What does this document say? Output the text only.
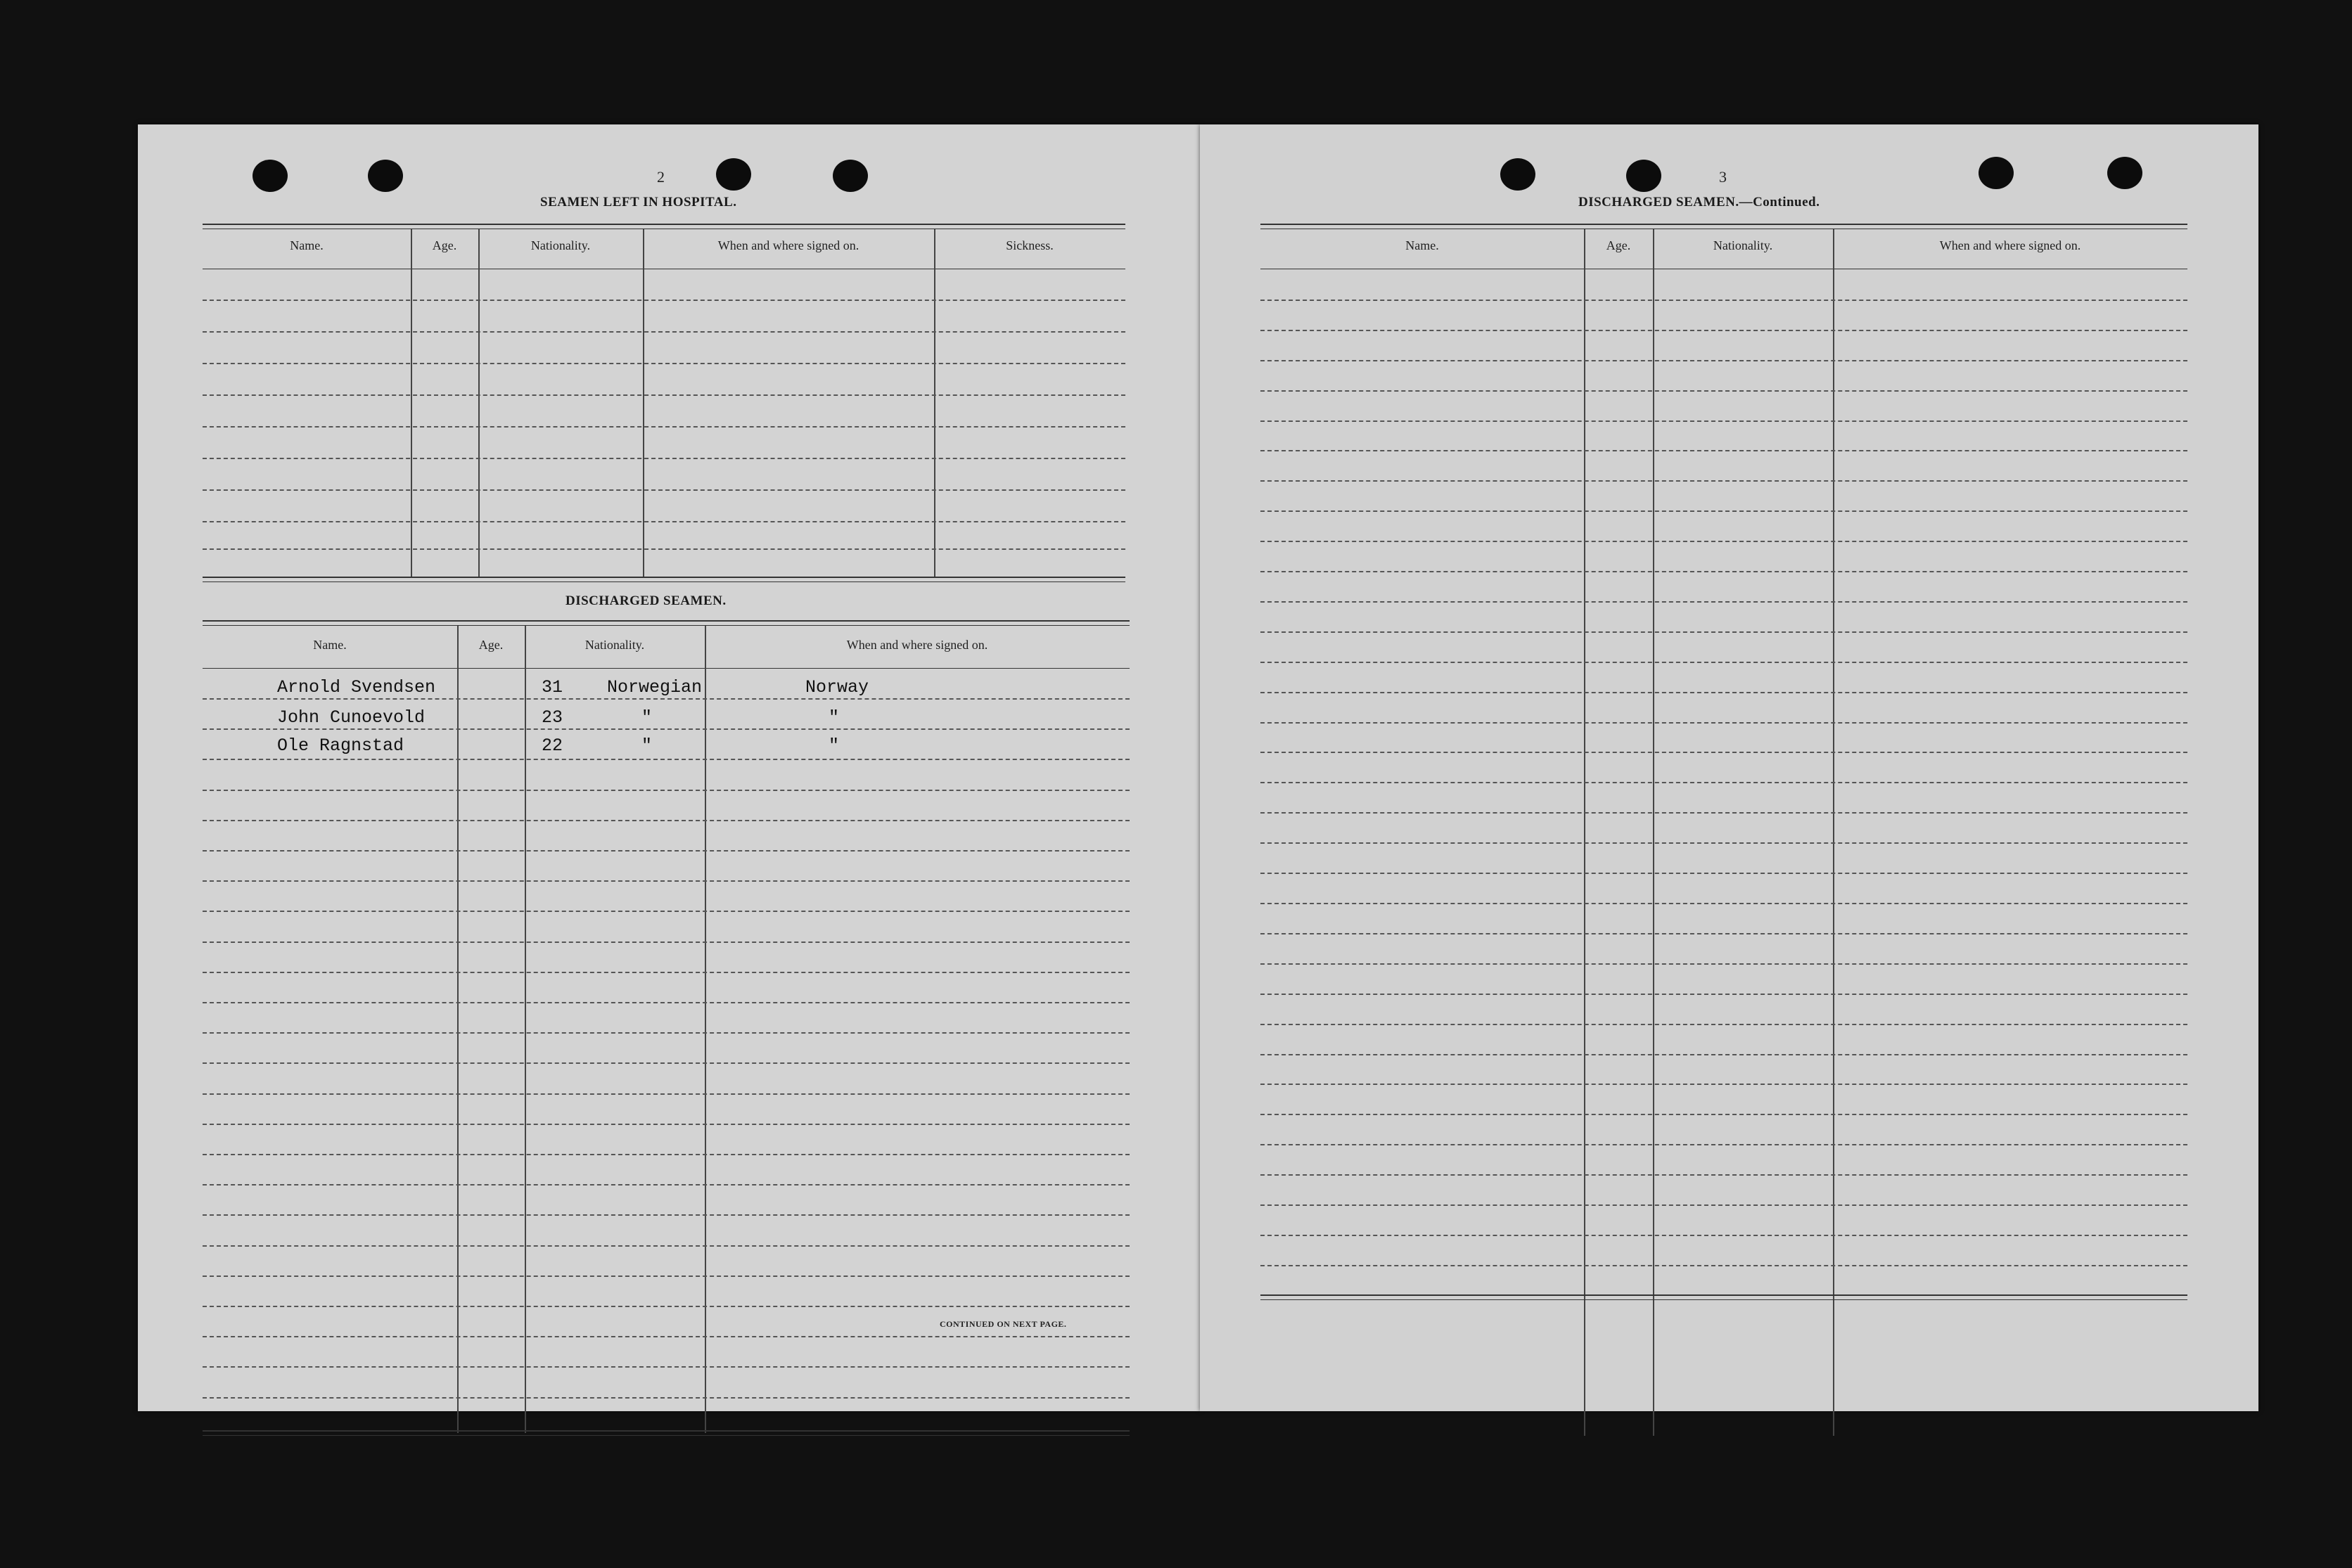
2
SEAMEN LEFT IN HOSPITAL.
Name.	Age.	Nationality.	When and where signed on.	Sickness.
DISCHARGED SEAMEN.
Name.	Age.	Nationality.	When and where signed on.
Arnold Svendsen	31	Norwegian	Norway
John Cunoevold	23	"	"
Ole Ragnstad	22	"	"
CONTINUED ON NEXT PAGE.
3
DISCHARGED SEAMEN.—Continued.
Name.	Age.	Nationality.	When and where signed on.
